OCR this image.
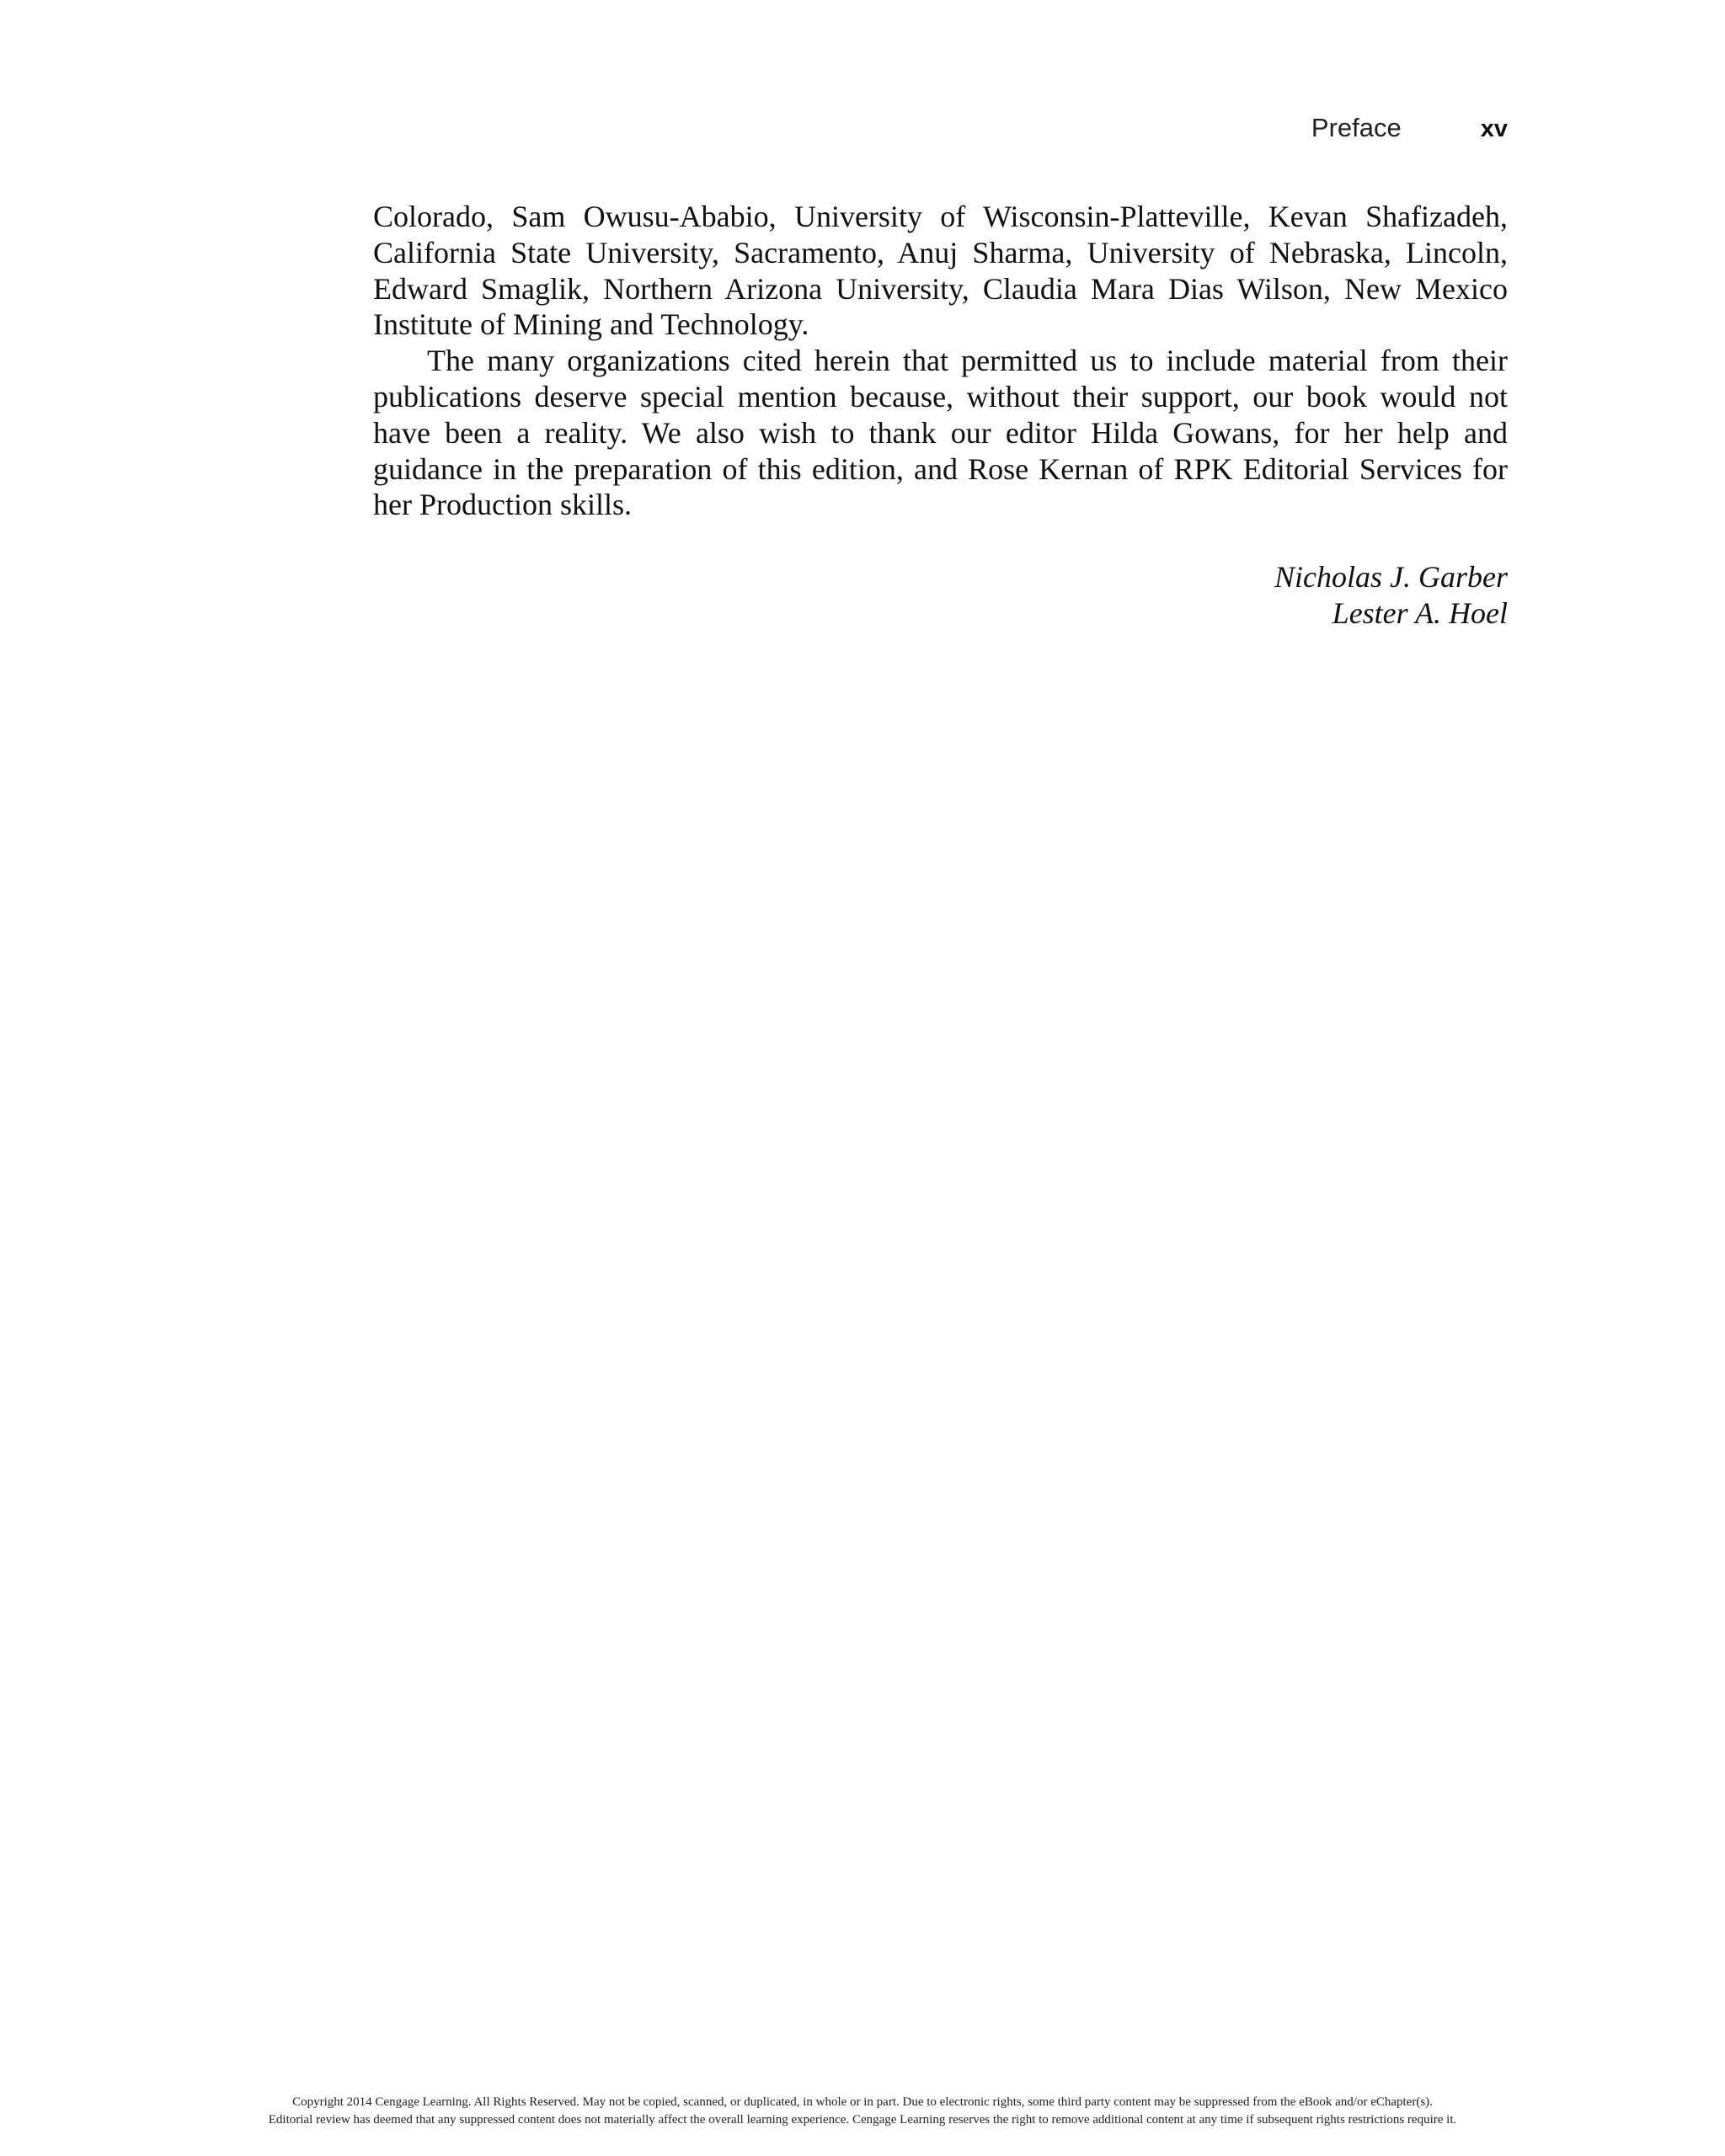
Preface	xv

Colorado, Sam Owusu-Ababio, University of Wisconsin-Platteville, Kevan Shafizadeh, California State University, Sacramento, Anuj Sharma, University of Nebraska, Lincoln, Edward Smaglik, Northern Arizona University, Claudia Mara Dias Wilson, New Mexico Institute of Mining and Technology.

The many organizations cited herein that permitted us to include material from their publications deserve special mention because, without their support, our book would not have been a reality. We also wish to thank our editor Hilda Gowans, for her help and guidance in the preparation of this edition, and Rose Kernan of RPK Editorial Services for her Production skills.

Nicholas J. Garber
Lester A. Hoel
Copyright 2014 Cengage Learning. All Rights Reserved. May not be copied, scanned, or duplicated, in whole or in part. Due to electronic rights, some third party content may be suppressed from the eBook and/or eChapter(s).
Editorial review has deemed that any suppressed content does not materially affect the overall learning experience. Cengage Learning reserves the right to remove additional content at any time if subsequent rights restrictions require it.
